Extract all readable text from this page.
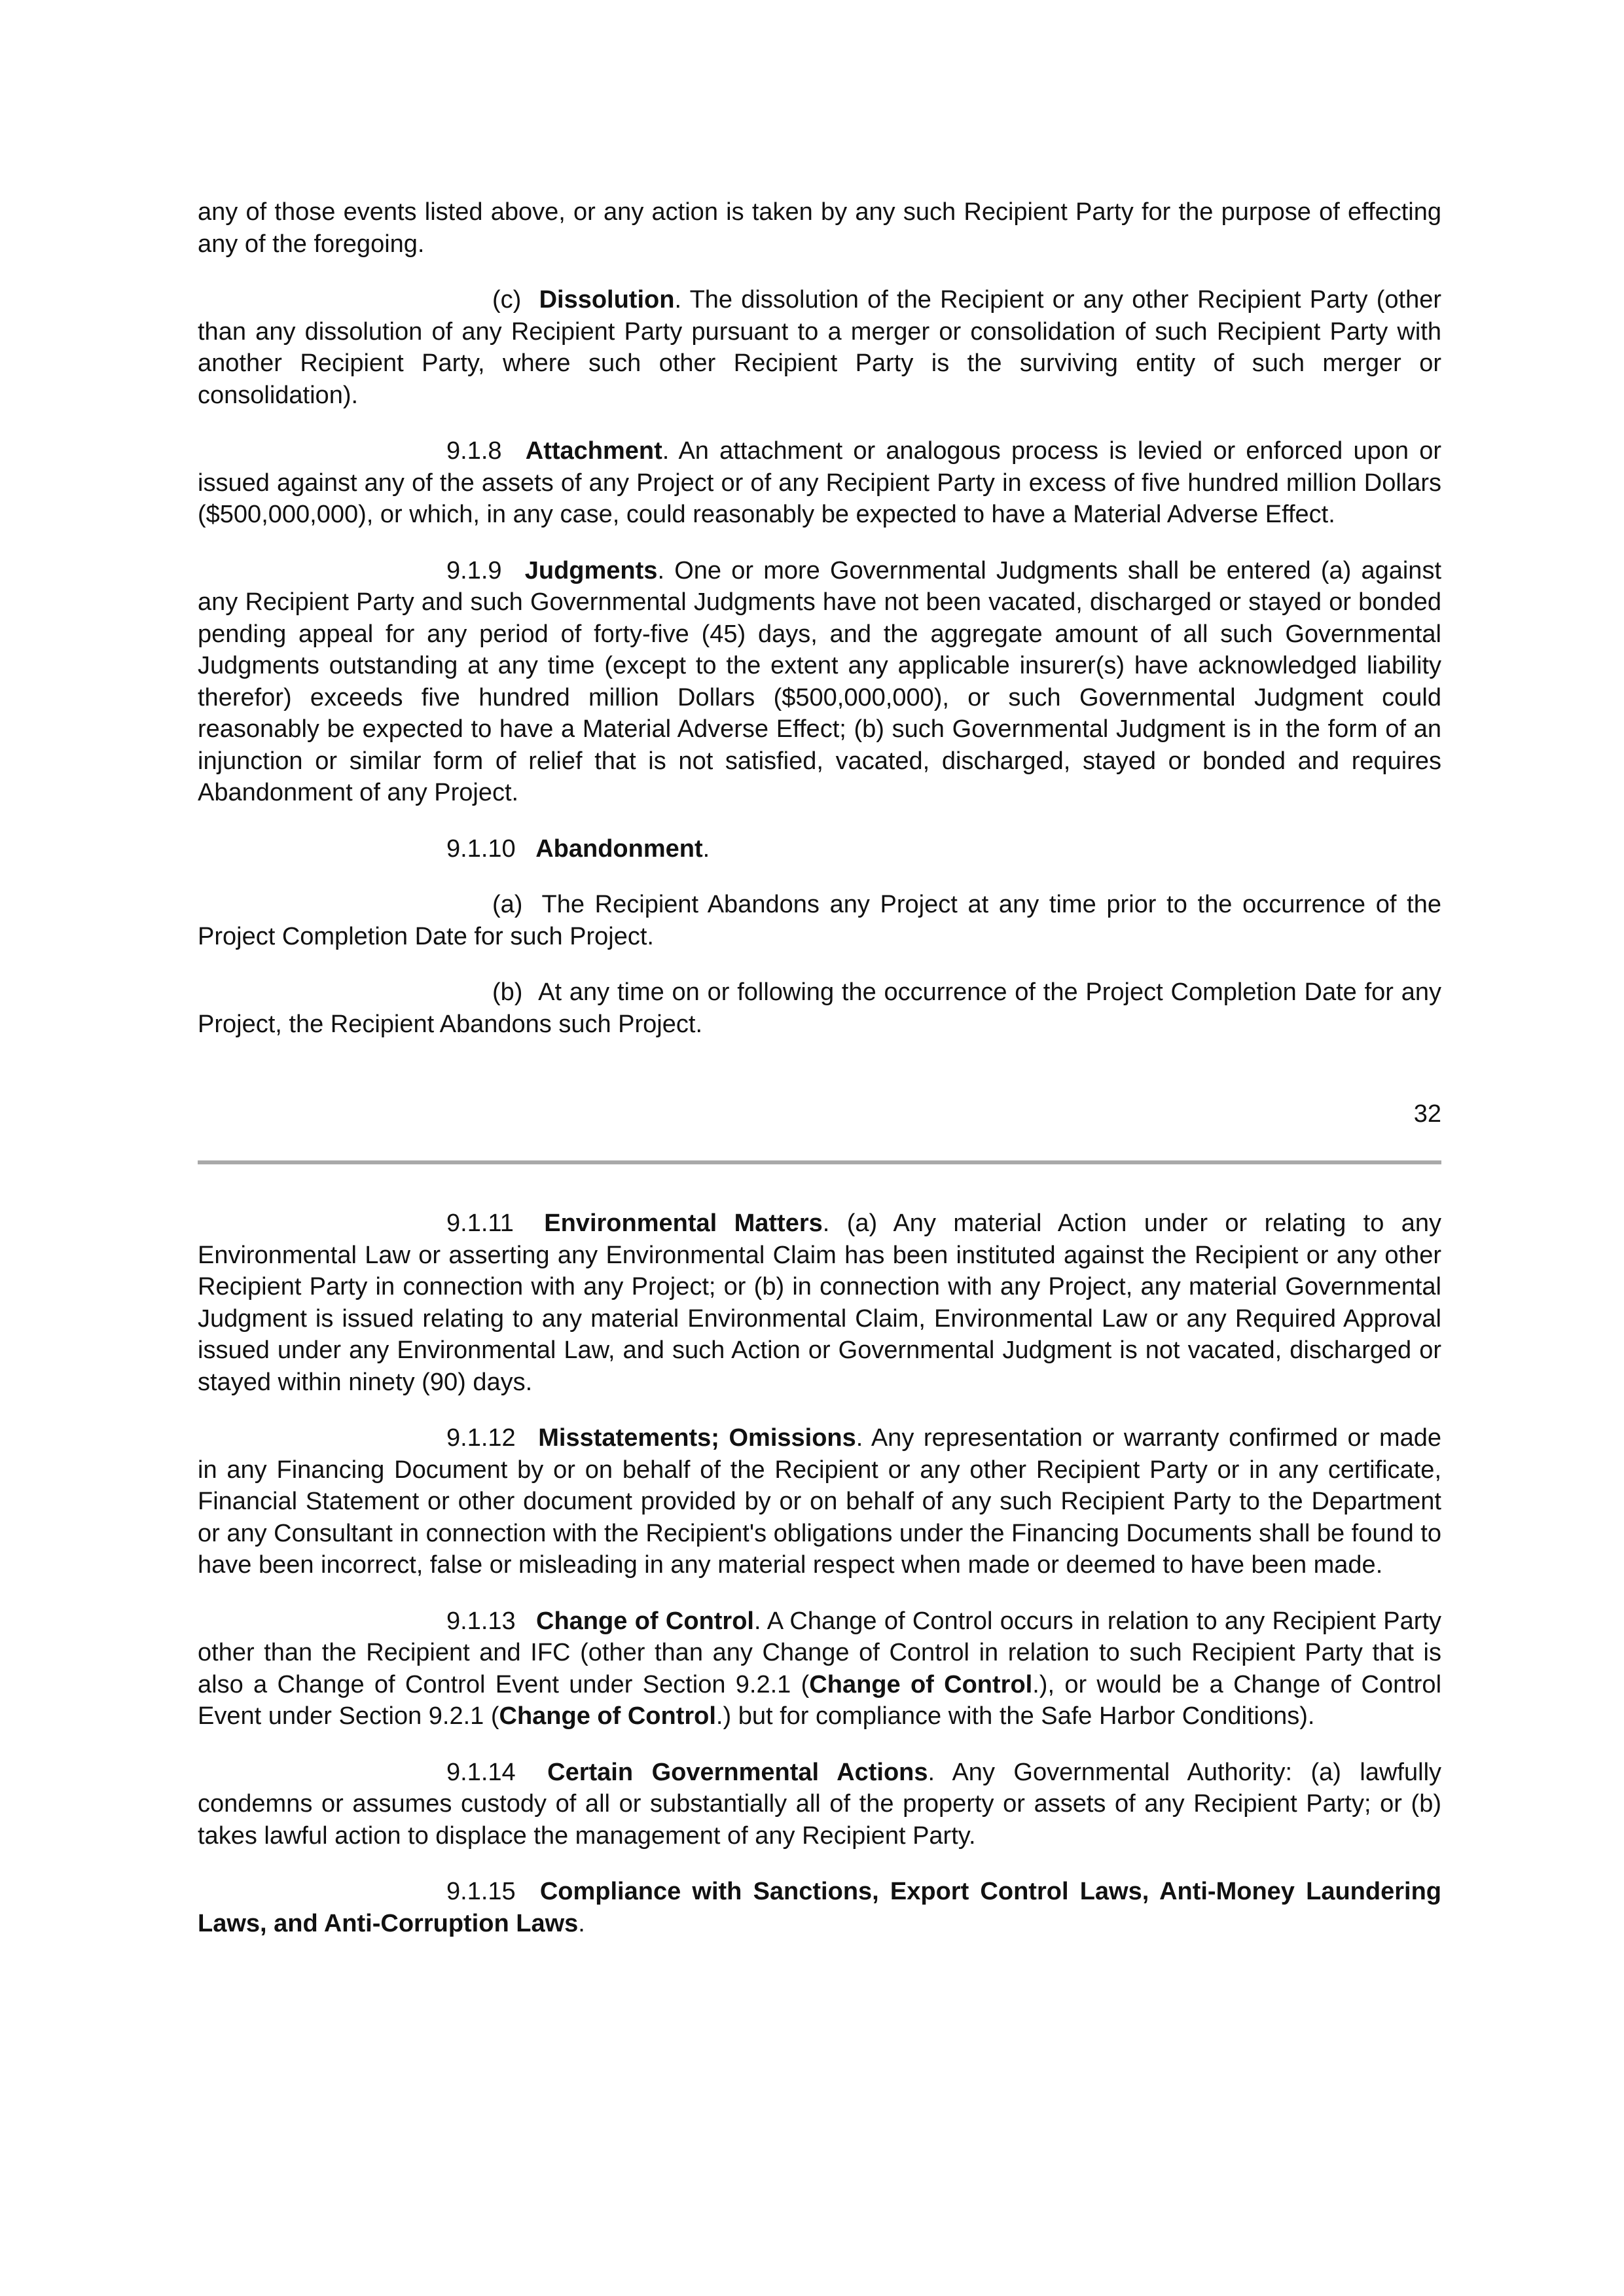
any of those events listed above, or any action is taken by any such Recipient Party for the purpose of effecting any of the foregoing.

(c) Dissolution. The dissolution of the Recipient or any other Recipient Party (other than any dissolution of any Recipient Party pursuant to a merger or consolidation of such Recipient Party with another Recipient Party, where such other Recipient Party is the surviving entity of such merger or consolidation).

9.1.8 Attachment. An attachment or analogous process is levied or enforced upon or issued against any of the assets of any Project or of any Recipient Party in excess of five hundred million Dollars ($500,000,000), or which, in any case, could reasonably be expected to have a Material Adverse Effect.

9.1.9 Judgments. One or more Governmental Judgments shall be entered (a) against any Recipient Party and such Governmental Judgments have not been vacated, discharged or stayed or bonded pending appeal for any period of forty-five (45) days, and the aggregate amount of all such Governmental Judgments outstanding at any time (except to the extent any applicable insurer(s) have acknowledged liability therefor) exceeds five hundred million Dollars ($500,000,000), or such Governmental Judgment could reasonably be expected to have a Material Adverse Effect; (b) such Governmental Judgment is in the form of an injunction or similar form of relief that is not satisfied, vacated, discharged, stayed or bonded and requires Abandonment of any Project.

9.1.10 Abandonment.

(a) The Recipient Abandons any Project at any time prior to the occurrence of the Project Completion Date for such Project.

(b) At any time on or following the occurrence of the Project Completion Date for any Project, the Recipient Abandons such Project.

32

9.1.11 Environmental Matters. (a) Any material Action under or relating to any Environmental Law or asserting any Environmental Claim has been instituted against the Recipient or any other Recipient Party in connection with any Project; or (b) in connection with any Project, any material Governmental Judgment is issued relating to any material Environmental Claim, Environmental Law or any Required Approval issued under any Environmental Law, and such Action or Governmental Judgment is not vacated, discharged or stayed within ninety (90) days.

9.1.12 Misstatements; Omissions. Any representation or warranty confirmed or made in any Financing Document by or on behalf of the Recipient or any other Recipient Party or in any certificate, Financial Statement or other document provided by or on behalf of any such Recipient Party to the Department or any Consultant in connection with the Recipient's obligations under the Financing Documents shall be found to have been incorrect, false or misleading in any material respect when made or deemed to have been made.

9.1.13 Change of Control. A Change of Control occurs in relation to any Recipient Party other than the Recipient and IFC (other than any Change of Control in relation to such Recipient Party that is also a Change of Control Event under Section 9.2.1 (Change of Control.), or would be a Change of Control Event under Section 9.2.1 (Change of Control.) but for compliance with the Safe Harbor Conditions).

9.1.14 Certain Governmental Actions. Any Governmental Authority: (a) lawfully condemns or assumes custody of all or substantially all of the property or assets of any Recipient Party; or (b) takes lawful action to displace the management of any Recipient Party.

9.1.15 Compliance with Sanctions, Export Control Laws, Anti-Money Laundering Laws, and Anti-Corruption Laws.
